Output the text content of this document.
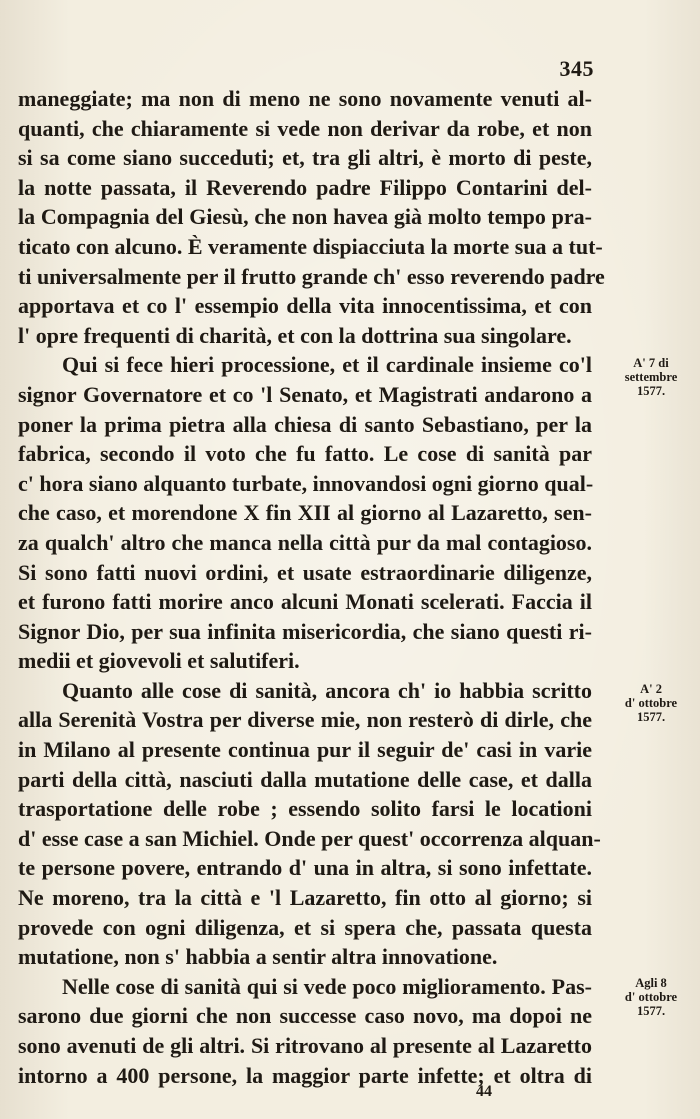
345
maneggiate; ma non di meno ne sono novamente venuti al-
quanti, che chiaramente si vede non derivar da robe, et non
si sa come siano succeduti; et, tra gli altri, è morto di peste,
la notte passata, il Reverendo padre Filippo Contarini del-
la Compagnia del Giesù, che non havea già molto tempo pra-
ticato con alcuno. È veramente dispiacciuta la morte sua a tut-
ti universalmente per il frutto grande ch' esso reverendo padre
apportava et co l' essempio della vita innocentissima, et con
l' opre frequenti di charità, et con la dottrina sua singolare.
Qui si fece hieri processione, et il cardinale insieme co'l
signor Governatore et co 'l Senato, et Magistrati andarono a
poner la prima pietra alla chiesa di santo Sebastiano, per la
fabrica, secondo il voto che fu fatto. Le cose di sanità par
c' hora siano alquanto turbate, innovandosi ogni giorno qual-
che caso, et morendone X fin XII al giorno al Lazaretto, sen-
za qualch' altro che manca nella città pur da mal contagioso.
Si sono fatti nuovi ordini, et usate estraordinarie diligenze,
et furono fatti morire anco alcuni Monati scelerati. Faccia il
Signor Dio, per sua infinita misericordia, che siano questi ri-
medii et giovevoli et salutiferi.
Quanto alle cose di sanità, ancora ch' io habbia scritto
alla Serenità Vostra per diverse mie, non resterò di dirle, che
in Milano al presente continua pur il seguir de' casi in varie
parti della città, nasciuti dalla mutatione delle case, et dalla
trasportatione delle robe ; essendo solito farsi le locationi
d' esse case a san Michiel. Onde per quest' occorrenza alquan-
te persone povere, entrando d' una in altra, si sono infettate.
Ne moreno, tra la città e 'l Lazaretto, fin otto al giorno; si
provede con ogni diligenza, et si spera che, passata questa
mutatione, non s' habbia a sentir altra innovatione.
Nelle cose di sanità qui si vede poco miglioramento. Pas-
sarono due giorni che non successe caso novo, ma dopoi ne
sono avenuti de gli altri. Si ritrovano al presente al Lazaretto
intorno a 400 persone, la maggior parte infette; et oltra di
A' 7 di
settembre
1577.
A' 2
d' ottobre
1577.
Agli 8
d' ottobre
1577.
44
